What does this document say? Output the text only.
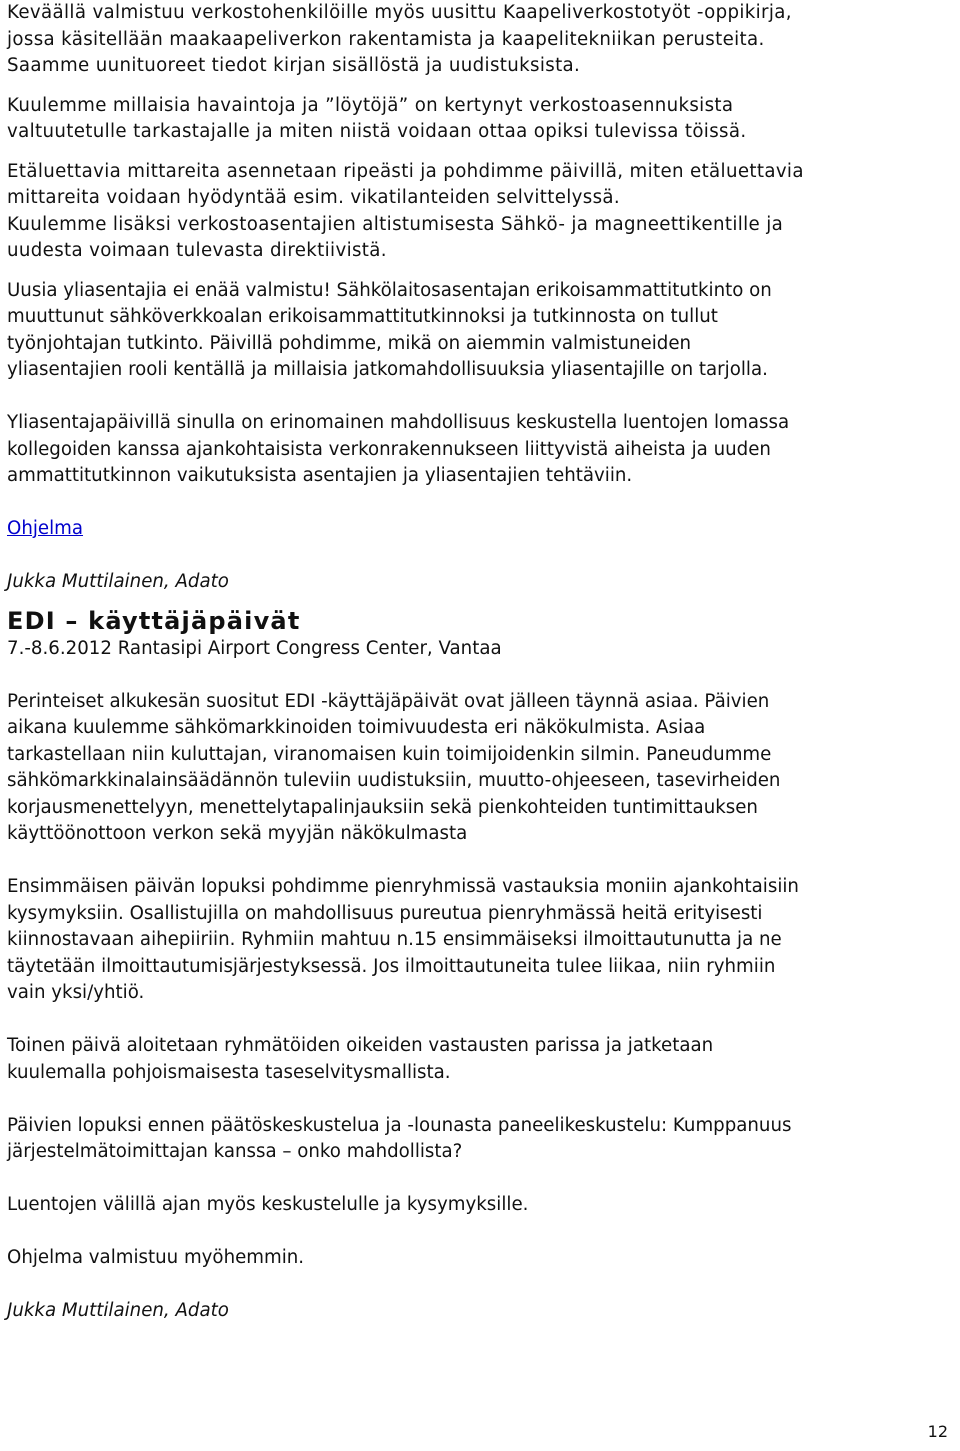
Keväällä valmistuu verkostohenkilöille myös uusittu Kaapeliverkostotyöt -oppikirja,
jossa käsitellään maakaapeliverkon rakentamista ja kaapelitekniikan perusteita.
Saamme uunituoreet tiedot kirjan sisällöstä ja uudistuksista.
Kuulemme millaisia havaintoja ja ”löytöjä” on kertynyt verkostoasennuksista
valtuutetulle tarkastajalle ja miten niistä voidaan ottaa opiksi tulevissa töissä.
Etäluettavia mittareita asennetaan ripeästi ja pohdimme päivillä, miten etäluettavia
mittareita voidaan hyödyntää esim. vikatilanteiden selvittelyssä.
Kuulemme lisäksi verkostoasentajien altistumisesta Sähkö- ja magneettikentille ja
uudesta voimaan tulevasta direktiivistä.
Uusia yliasentajia ei enää valmistu! Sähkölaitosasentajan erikoisammattitutkinto on
muuttunut sähköverkkoalan erikoisammattitutkinnoksi ja tutkinnosta on tullut
työnjohtajan tutkinto. Päivillä pohdimme, mikä on aiemmin valmistuneiden
yliasentajien rooli kentällä ja millaisia jatkomahdollisuuksia yliasentajille on tarjolla.
Yliasentajapäivillä sinulla on erinomainen mahdollisuus keskustella luentojen lomassa
kollegoiden kanssa ajankohtaisista verkonrakennukseen liittyvistä aiheista ja uuden
ammattitutkinnon vaikutuksista asentajien ja yliasentajien tehtäviin.
Ohjelma
Jukka Muttilainen, Adato
EDI – käyttäjäpäivät
7.-8.6.2012 Rantasipi Airport Congress Center, Vantaa
Perinteiset alkukesän suositut EDI -käyttäjäpäivät ovat jälleen täynnä asiaa. Päivien
aikana kuulemme sähkömarkkinoiden toimivuudesta eri näkökulmista. Asiaa
tarkastellaan niin kuluttajan, viranomaisen kuin toimijoidenkin silmin. Paneudumme
sähkömarkkinalainsäädännön tuleviin uudistuksiin, muutto-ohjeeseen, tasevirheiden
korjausmenettelyyn, menettelytapalinjauksiin sekä pienkohteiden tuntimittauksen
käyttöönottoon verkon sekä myyjän näkökulmasta
Ensimmäisen päivän lopuksi pohdimme pienryhmissä vastauksia moniin ajankohtaisiin
kysymyksiin. Osallistujilla on mahdollisuus pureutua pienryhmässä heitä erityisesti
kiinnostavaan aihepiiriin. Ryhmiin mahtuu n.15 ensimmäiseksi ilmoittautunutta ja ne
täytetään ilmoittautumisjärjestyksessä. Jos ilmoittautuneita tulee liikaa, niin ryhmiin
vain yksi/yhtiö.
Toinen päivä aloitetaan ryhmätöiden oikeiden vastausten parissa ja jatketaan
kuulemalla pohjoismaisesta taseselvitysmallista.
Päivien lopuksi ennen päätöskeskustelua ja -lounasta paneelikeskustelu: Kumppanuus
järjestelmätoimittajan kanssa – onko mahdollista?
Luentojen välillä ajan myös keskustelulle ja kysymyksille.
Ohjelma valmistuu myöhemmin.
Jukka Muttilainen, Adato
12
